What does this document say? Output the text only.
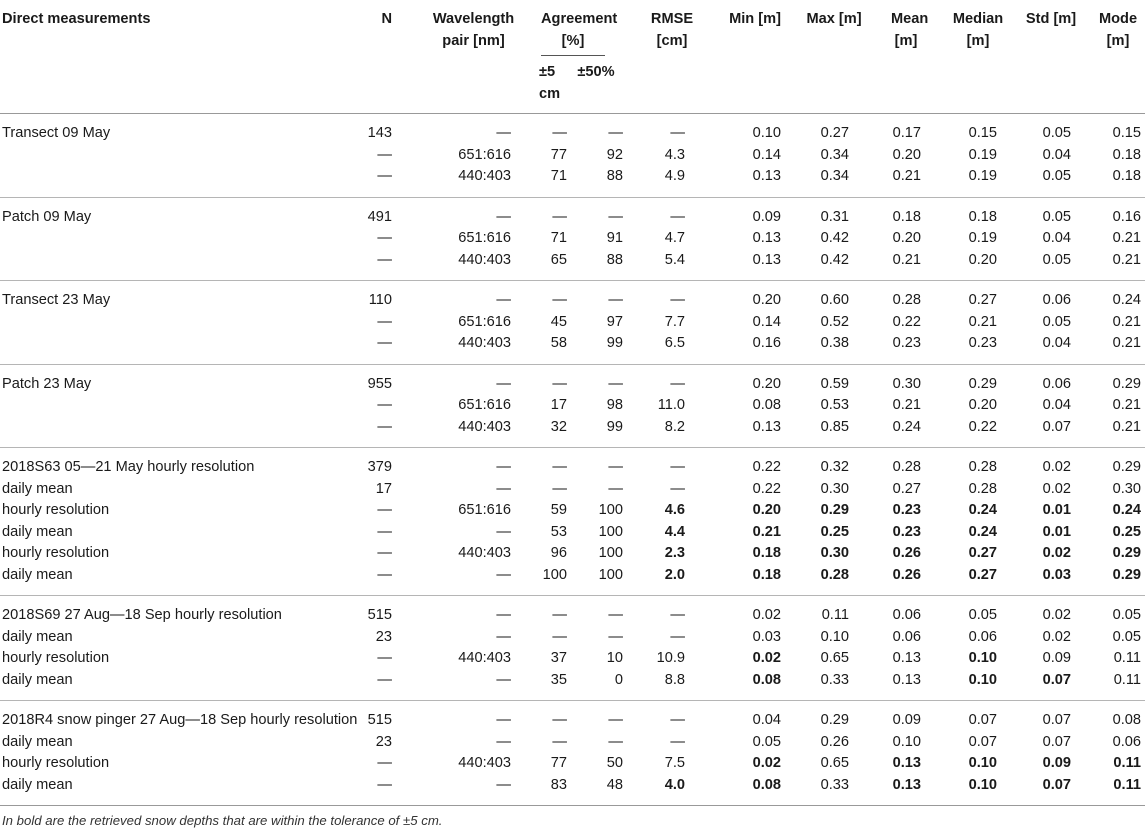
Direct measurements	N	Wavelength pair [nm]	Agreement [%]		RMSE [cm]	Min [m]	Max [m]	Mean [m]	Median [m]	Std [m]	Mode [m]
			±5 cm	±50%							

Transect 09 May	143	—	—	—	—	0.10	0.27	0.17	0.15	0.05	0.15
	—	651:616	77	92	4.3	0.14	0.34	0.20	0.19	0.04	0.18
	—	440:403	71	88	4.9	0.13	0.34	0.21	0.19	0.05	0.18
Patch 09 May	491	—	—	—	—	0.09	0.31	0.18	0.18	0.05	0.16
	—	651:616	71	91	4.7	0.13	0.42	0.20	0.19	0.04	0.21
	—	440:403	65	88	5.4	0.13	0.42	0.21	0.20	0.05	0.21
Transect 23 May	110	—	—	—	—	0.20	0.60	0.28	0.27	0.06	0.24
	—	651:616	45	97	7.7	0.14	0.52	0.22	0.21	0.05	0.21
	—	440:403	58	99	6.5	0.16	0.38	0.23	0.23	0.04	0.21
Patch 23 May	955	—	—	—	—	0.20	0.59	0.30	0.29	0.06	0.29
	—	651:616	17	98	11.0	0.08	0.53	0.21	0.20	0.04	0.21
	—	440:403	32	99	8.2	0.13	0.85	0.24	0.22	0.07	0.21
2018S63 05—21 May hourly resolution	379	—	—	—	—	0.22	0.32	0.28	0.28	0.02	0.29
daily mean	17	—	—	—	—	0.22	0.30	0.27	0.28	0.02	0.30
hourly resolution	—	651:616	59	100	4.6	0.20	0.29	0.23	0.24	0.01	0.24
daily mean	—	—	53	100	4.4	0.21	0.25	0.23	0.24	0.01	0.25
hourly resolution	—	440:403	96	100	2.3	0.18	0.30	0.26	0.27	0.02	0.29
daily mean	—	—	100	100	2.0	0.18	0.28	0.26	0.27	0.03	0.29
2018S69 27 Aug—18 Sep hourly resolution	515	—	—	—	—	0.02	0.11	0.06	0.05	0.02	0.05
daily mean	23	—	—	—	—	0.03	0.10	0.06	0.06	0.02	0.05
hourly resolution	—	440:403	37	10	10.9	0.02	0.65	0.13	0.10	0.09	0.11
daily mean	—	—	35	0	8.8	0.08	0.33	0.13	0.10	0.07	0.11
2018R4 snow pinger 27 Aug—18 Sep hourly resolution	515	—	—	—	—	0.04	0.29	0.09	0.07	0.07	0.08
daily mean	23	—	—	—	—	0.05	0.26	0.10	0.07	0.07	0.06
hourly resolution	—	440:403	77	50	7.5	0.02	0.65	0.13	0.10	0.09	0.11
daily mean	—	—	83	48	4.0	0.08	0.33	0.13	0.10	0.07	0.11
In bold are the retrieved snow depths that are within the tolerance of ±5 cm.
